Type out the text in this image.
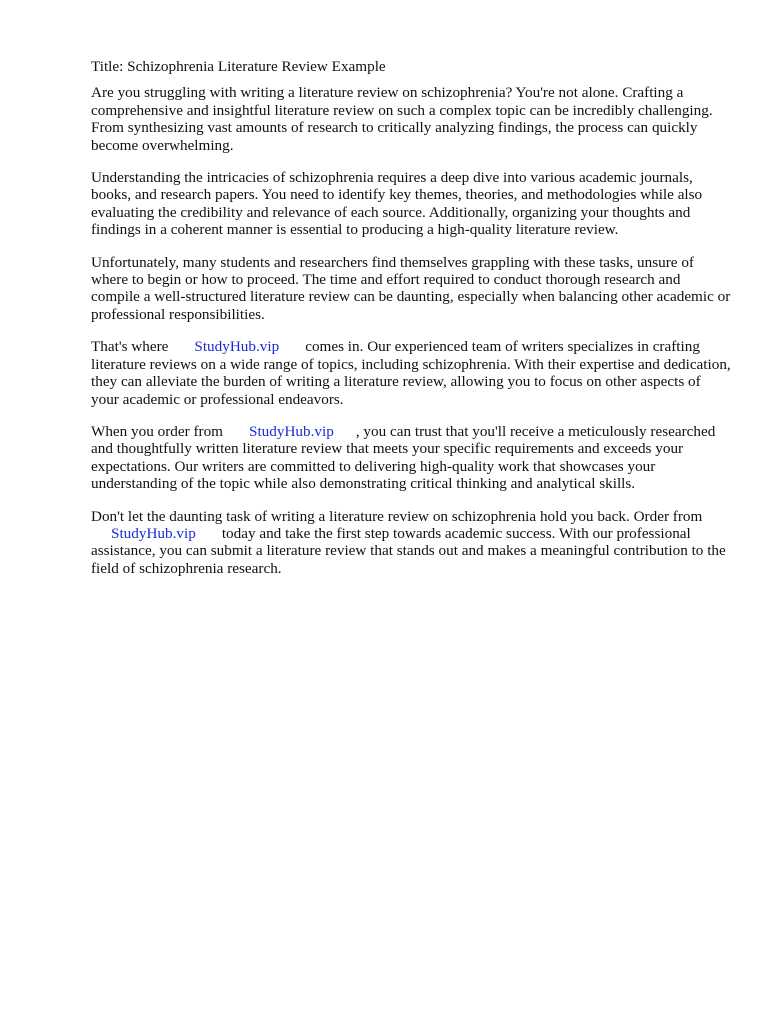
Title: Schizophrenia Literature Review Example

Are you struggling with writing a literature review on schizophrenia? You're not alone. Crafting a comprehensive and insightful literature review on such a complex topic can be incredibly challenging. From synthesizing vast amounts of research to critically analyzing findings, the process can quickly become overwhelming.

Understanding the intricacies of schizophrenia requires a deep dive into various academic journals, books, and research papers. You need to identify key themes, theories, and methodologies while also evaluating the credibility and relevance of each source. Additionally, organizing your thoughts and findings in a coherent manner is essential to producing a high-quality literature review.

Unfortunately, many students and researchers find themselves grappling with these tasks, unsure of where to begin or how to proceed. The time and effort required to conduct thorough research and compile a well-structured literature review can be daunting, especially when balancing other academic or professional responsibilities.

That's where StudyHub.vip comes in. Our experienced team of writers specializes in crafting literature reviews on a wide range of topics, including schizophrenia. With their expertise and dedication, they can alleviate the burden of writing a literature review, allowing you to focus on other aspects of your academic or professional endeavors.

When you order from StudyHub.vip , you can trust that you'll receive a meticulously researched and thoughtfully written literature review that meets your specific requirements and exceeds your expectations. Our writers are committed to delivering high-quality work that showcases your understanding of the topic while also demonstrating critical thinking and analytical skills.

Don't let the daunting task of writing a literature review on schizophrenia hold you back. Order from StudyHub.vip today and take the first step towards academic success. With our professional assistance, you can submit a literature review that stands out and makes a meaningful contribution to the field of schizophrenia research.
